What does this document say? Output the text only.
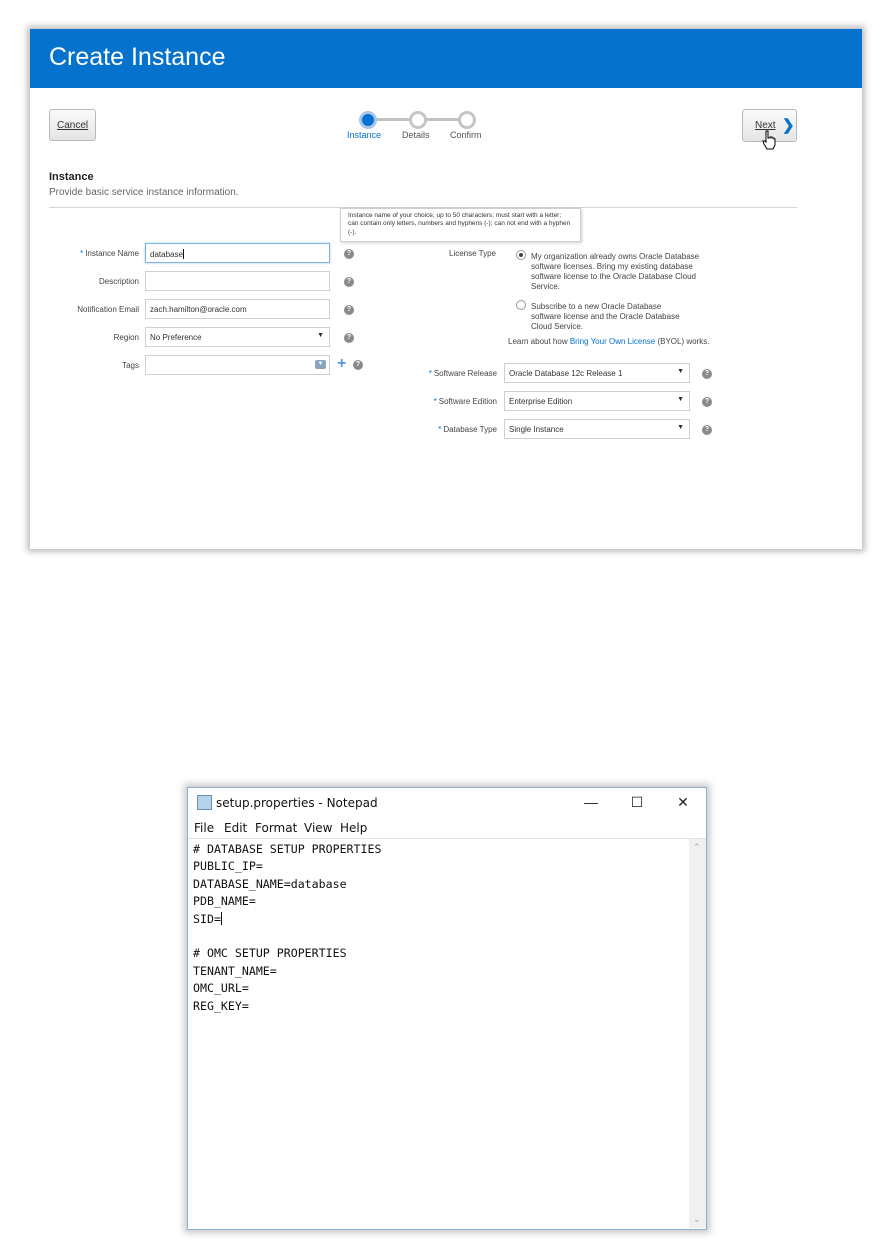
Create Instance
Cancel
Instance Details Confirm
Next ❯
Instance
Provide basic service instance information.
Instance name of your choice, up to 50 characters; must start with a letter; can contain only letters, numbers and hyphens (-); can not end with a hyphen (-).
* Instance Name	database	?
Description	?
Notification Email	zach.hamilton@oracle.com	?
Region	No Preference	▼	?
Tags	▼ +	?
License Type	My organization already owns Oracle Database software licenses. Bring my existing database software license to the Oracle Database Cloud Service.
Subscribe to a new Oracle Database software license and the Oracle Database Cloud Service.
Learn about how Bring Your Own License (BYOL) works.
* Software Release	Oracle Database 12c Release 1	▼	?
* Software Edition	Enterprise Edition	▼	?
* Database Type	Single Instance	▼	?
setup.properties - Notepad	—	☐	✕
File Edit Format View Help
# DATABASE SETUP PROPERTIES
PUBLIC_IP=
DATABASE_NAME=database
PDB_NAME=
SID=
# OMC SETUP PROPERTIES
TENANT_NAME=
OMC_URL=
REG_KEY=
⌃
⌄
